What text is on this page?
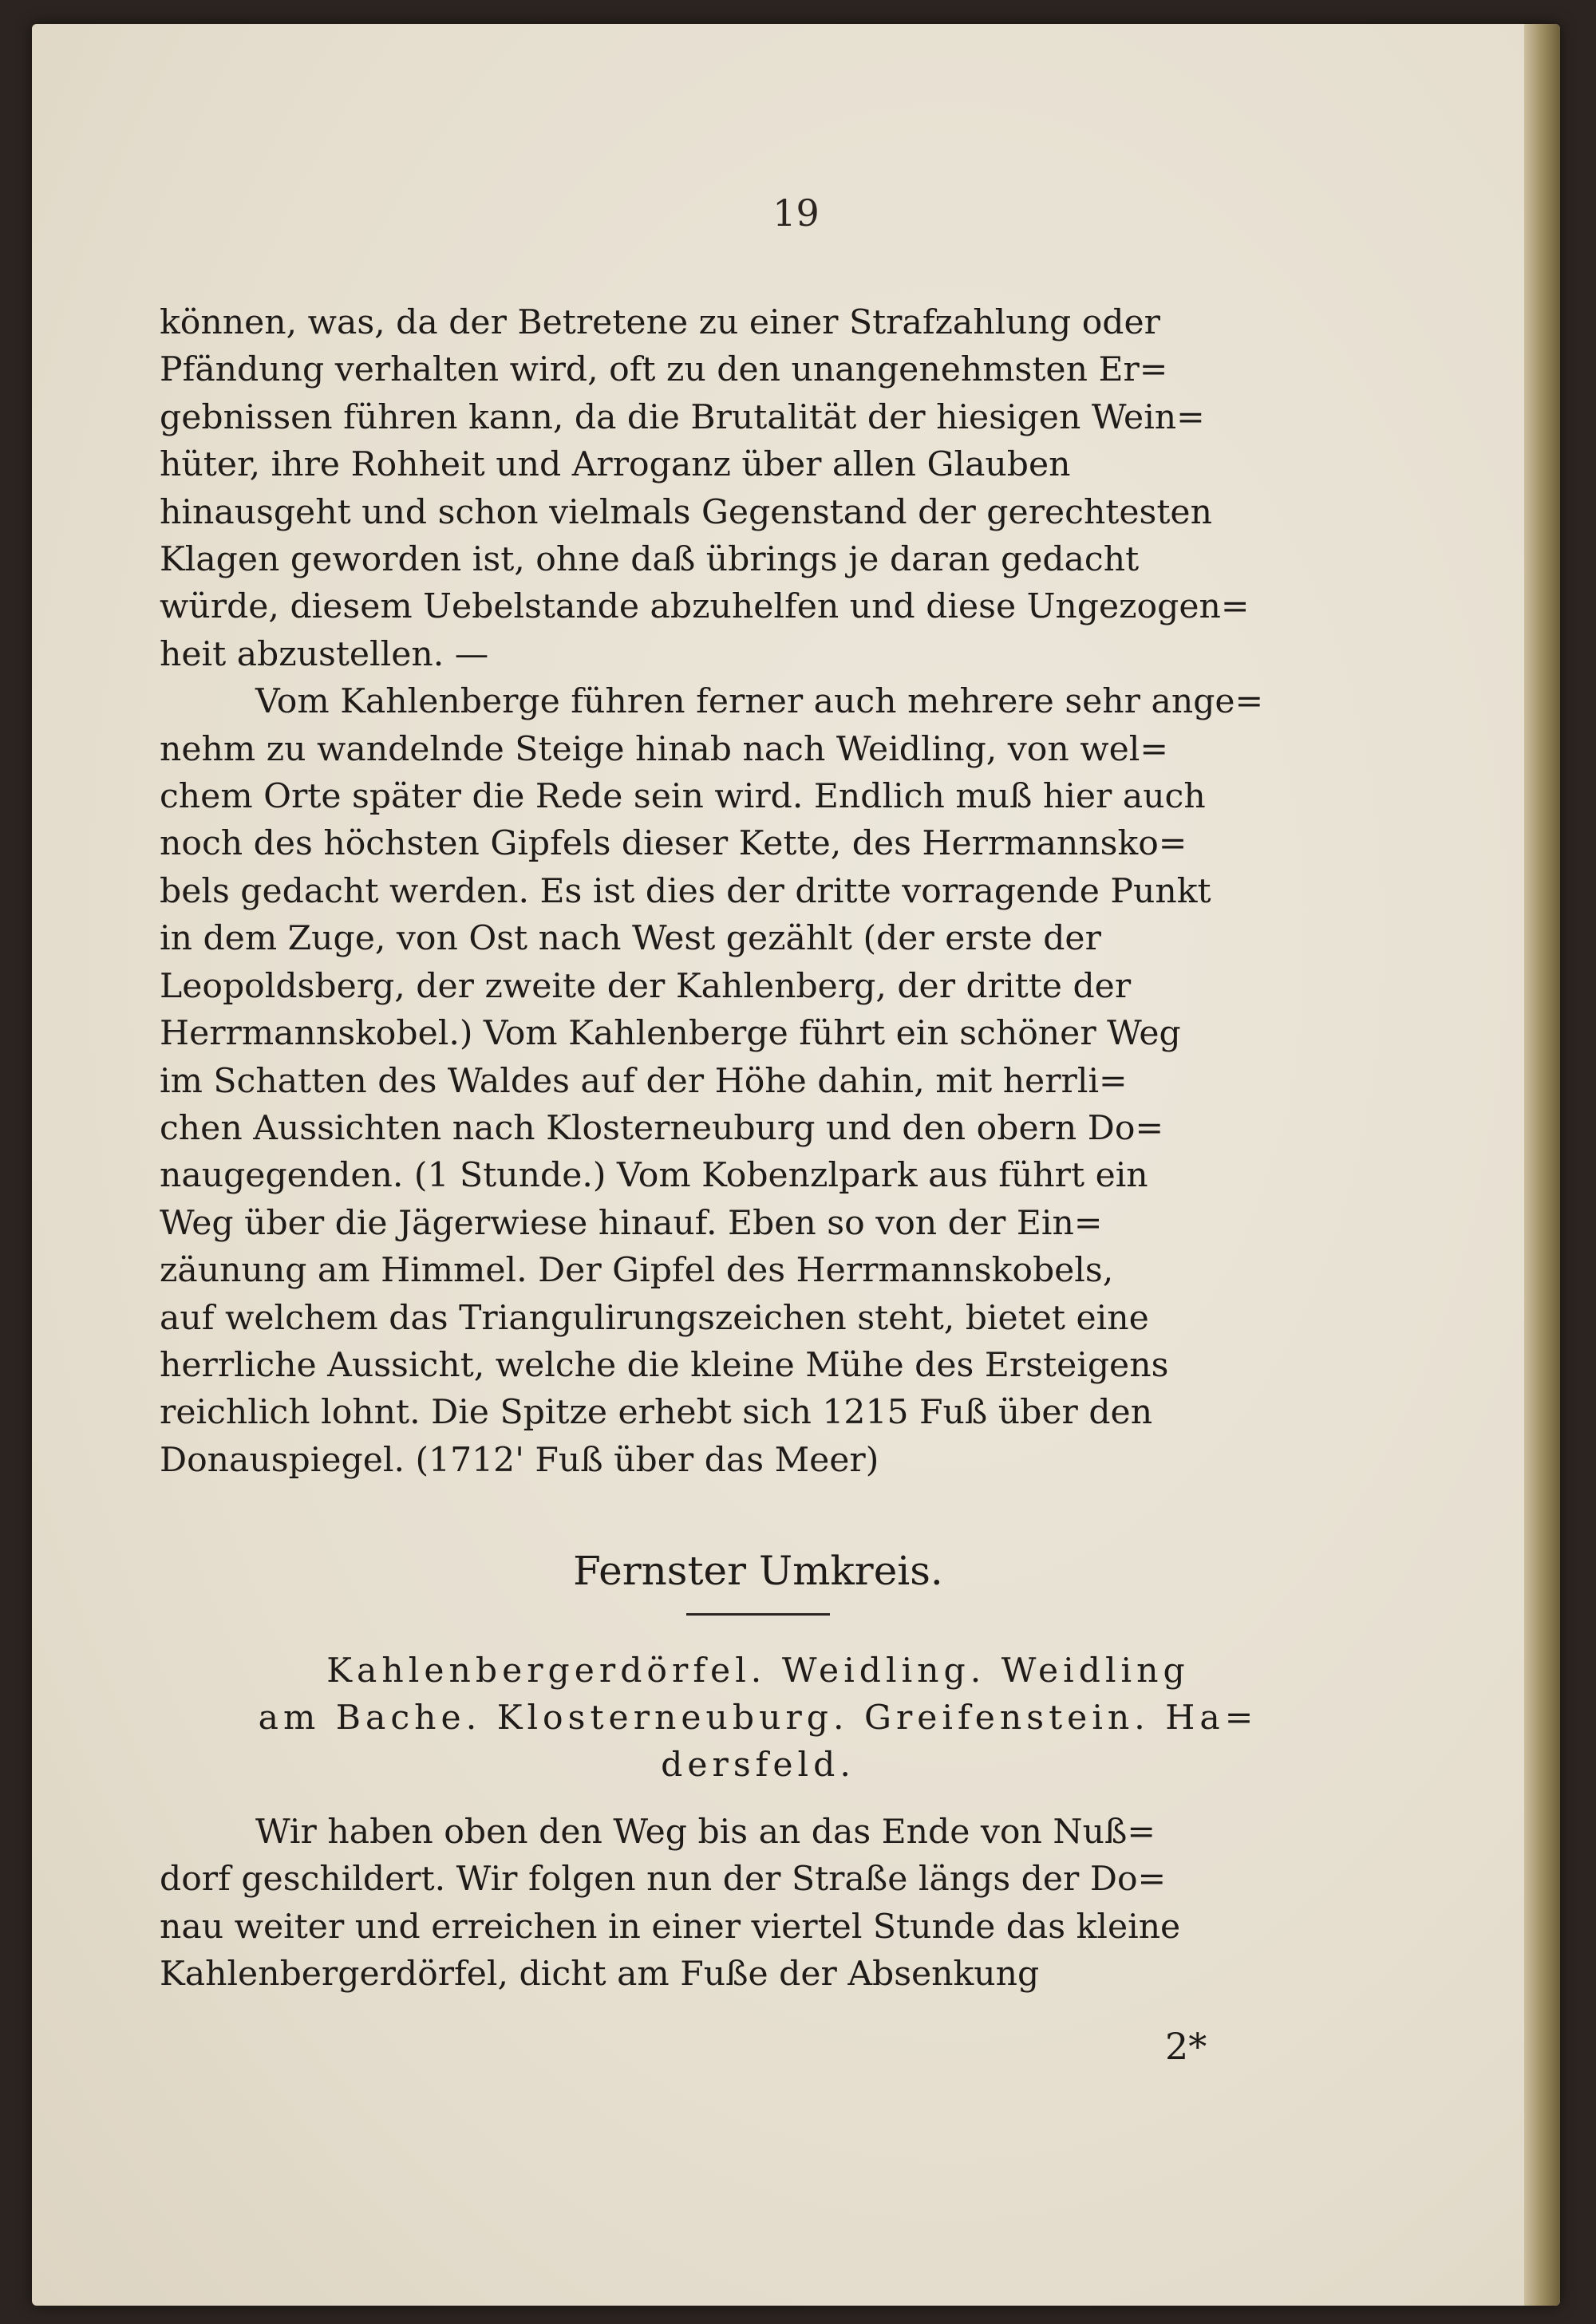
19
können, was, da der Betretene zu einer Strafzahlung oder
Pfändung verhalten wird, oft zu den unangenehmsten Er=
gebnissen führen kann, da die Brutalität der hiesigen Wein=
hüter, ihre Rohheit und Arroganz über allen Glauben
hinausgeht und schon vielmals Gegenstand der gerechtesten
Klagen geworden ist, ohne daß übrings je daran gedacht
würde, diesem Uebelstande abzuhelfen und diese Ungezogen=
heit abzustellen. —
Vom Kahlenberge führen ferner auch mehrere sehr ange=
nehm zu wandelnde Steige hinab nach Weidling, von wel=
chem Orte später die Rede sein wird. Endlich muß hier auch
noch des höchsten Gipfels dieser Kette, des Herrmannsko=
bels gedacht werden. Es ist dies der dritte vorragende Punkt
in dem Zuge, von Ost nach West gezählt (der erste der
Leopoldsberg, der zweite der Kahlenberg, der dritte der
Herrmannskobel.) Vom Kahlenberge führt ein schöner Weg
im Schatten des Waldes auf der Höhe dahin, mit herrli=
chen Aussichten nach Klosterneuburg und den obern Do=
naugegenden. (1 Stunde.) Vom Kobenzlpark aus führt ein
Weg über die Jägerwiese hinauf. Eben so von der Ein=
zäunung am Himmel. Der Gipfel des Herrmannskobels,
auf welchem das Triangulirungszeichen steht, bietet eine
herrliche Aussicht, welche die kleine Mühe des Ersteigens
reichlich lohnt. Die Spitze erhebt sich 1215 Fuß über den
Donauspiegel. (1712' Fuß über das Meer)
Fernster Umkreis.
Kahlenbergerdörfel. Weidling. Weidling
am Bache. Klosterneuburg. Greifenstein. Ha=
dersfeld.
Wir haben oben den Weg bis an das Ende von Nuß=
dorf geschildert. Wir folgen nun der Straße längs der Do=
nau weiter und erreichen in einer viertel Stunde das kleine
Kahlenbergerdörfel, dicht am Fuße der Absenkung
2*
